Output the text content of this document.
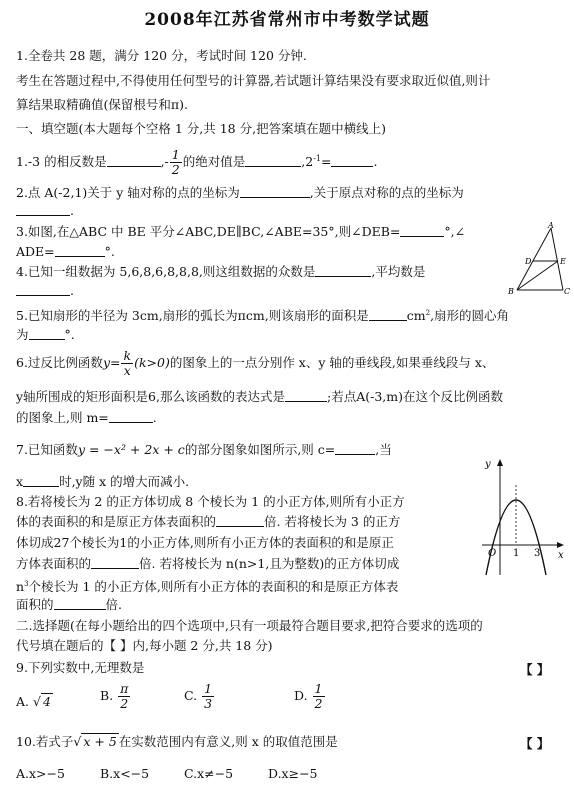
2008年江苏省常州市中考数学试题
1.全卷共 28 题，满分 120 分，考试时间 120 分钟.
考生在答题过程中,不得使用任何型号的计算器,若试题计算结果没有要求取近似值,则计
算结果取精确值(保留根号和π).
一、填空题(本大题每个空格 1 分,共 18 分,把答案填在题中横线上)
1.-3 的相反数是	,- $\frac{1}{2}$ 的绝对值是	$,2^{-1}=$	.
2.点 A(-2,1)关于 y 轴对称的点的坐标为	,关于原点对称的点的坐标为
.
3.如图,在△ABC 中 BE 平分∠ABC,DE∥BC,∠ABE=35°,则∠DEB=	°,∠
ADE=	°.
A
B	C
D	E
4.已知一组数据为 5,6,8,6,8,8,8,则这组数据的众数是	,平均数是
.
5.已知扇形的半径为 3cm,扇形的弧长为πcm,则该扇形的面积是	$cm^2$,扇形的圆心角
为	°.
6.过反比例函数$y= \frac{k}{x} (k>0)$的图象上的一点分别作 x、y 轴的垂线段,如果垂线段与 x、
y轴所围成的矩形面积是6,那么该函数的表达式是	;若点A(-3,m)在这个反比例函数
的图象上,则 m=	.
7.已知函数y = −x² + 2x + c的部分图象如图所示,则 c=	,当
x	时,y随 x 的增大而减小.
y
x
O 1 3
8.若将棱长为 2 的正方体切成 8 个棱长为 1 的小正方体,则所有小正方
体的表面积的和是原正方体表面积的	倍. 若将棱长为 3 的正方
体切成27个棱长为1的小正方体,则所有小正方体的表面积的和是原正
方体表面积的	倍. 若将棱长为 n(n>1,且为整数)的正方体切成
$n^3$个棱长为 1 的小正方体,则所有小正方体的表面积的和是原正方体表
面积的	倍.
二.选择题(在每小题给出的四个选项中,只有一项最符合题目要求,把符合要求的选项的
代号填在题后的【 】内,每小题 2 分,共 18 分)
9.下列实数中,无理数是	【 】
A. √ 4	B. $\frac{\pi}{2}$	C. $\frac{1}{3}$	D. $\frac{1}{2}$
10.若式子√ x + 5 在实数范围内有意义,则 x 的取值范围是	【 】
A.x>−5	B.x<−5	C.x≠−5	D.x≥−5
